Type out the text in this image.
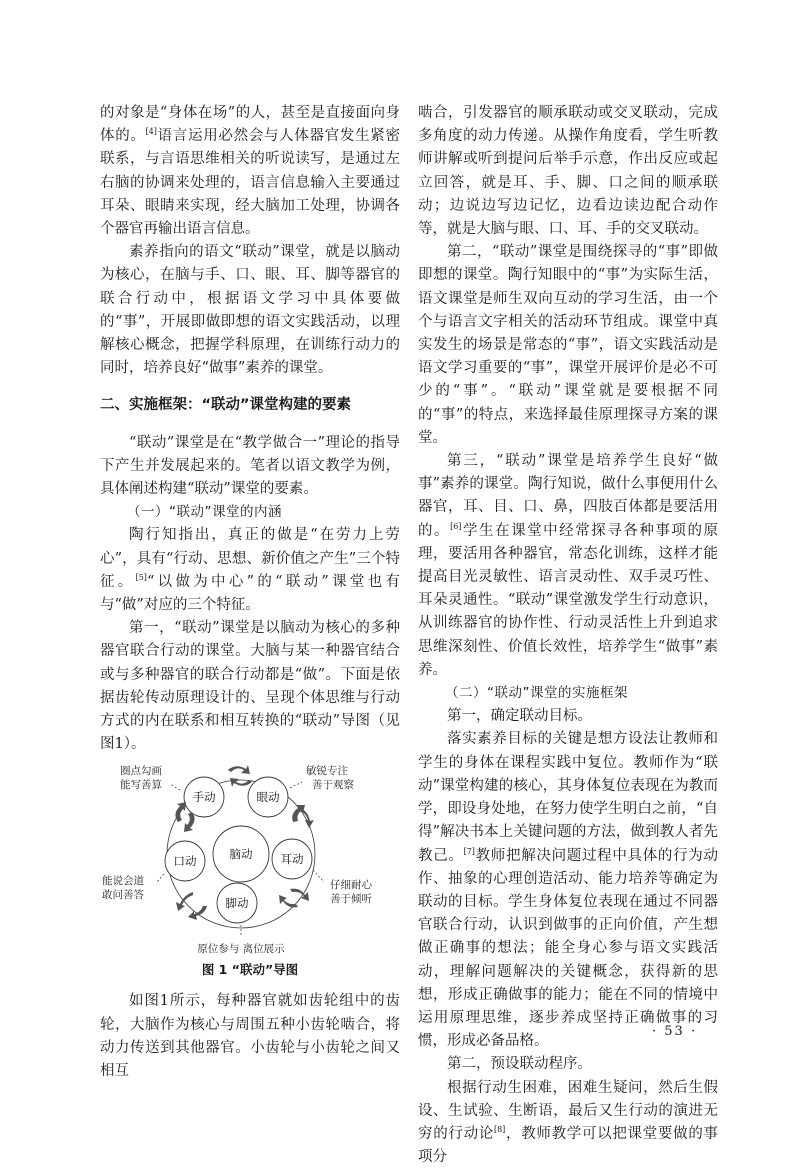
的对象是“身体在场”的人，甚至是直接面向身体的。[4]语言运用必然会与人体器官发生紧密联系，与言语思维相关的听说读写，是通过左右脑的协调来处理的，语言信息输入主要通过耳朵、眼睛来实现，经大脑加工处理，协调各个器官再输出语言信息。

素养指向的语文“联动”课堂，就是以脑动为核心，在脑与手、口、眼、耳、脚等器官的联合行动中，根据语文学习中具体要做的“事”，开展即做即想的语文实践活动，以理解核心概念，把握学科原理，在训练行动力的同时，培养良好“做事”素养的课堂。

二、实施框架：“联动”课堂构建的要素

“联动”课堂是在“教学做合一”理论的指导下产生并发展起来的。笔者以语文教学为例，具体阐述构建“联动”课堂的要素。

（一）“联动”课堂的内涵

陶行知指出，真正的做是“在劳力上劳心”，具有“行动、思想、新价值之产生”三个特征。[5]“以做为中心”的“联动”课堂也有与“做”对应的三个特征。

第一，“联动”课堂是以脑动为核心的多种器官联合行动的课堂。大脑与某一种器官结合或与多种器官的联合行动都是“做”。下面是依据齿轮传动原理设计的、呈现个体思维与行动方式的内在联系和相互转换的“联动”导图（见图1）。

脑动
手动	眼动
耳动
脚动
口动
圈点勾画
能写善算
敏锐专注
善于观察
仔细耐心
善于倾听
能说会道
敢问善答
原位参与 离位展示
图 1 “联动”导图

如图1所示，每种器官就如齿轮组中的齿轮，大脑作为核心与周围五种小齿轮啮合，将动力传送到其他器官。小齿轮与小齿轮之间又相互

啮合，引发器官的顺承联动或交叉联动，完成多角度的动力传递。从操作角度看，学生听教师讲解或听到提问后举手示意，作出反应或起立回答，就是耳、手、脚、口之间的顺承联动；边说边写边记忆，边看边读边配合动作等，就是大脑与眼、口、耳、手的交叉联动。

第二，“联动”课堂是围绕探寻的“事”即做即想的课堂。陶行知眼中的“事”为实际生活，语文课堂是师生双向互动的学习生活，由一个个与语言文字相关的活动环节组成。课堂中真实发生的场景是常态的“事”，语文实践活动是语文学习重要的“事”，课堂开展评价是必不可少的“事”。“联动”课堂就是要根据不同的“事”的特点，来选择最佳原理探寻方案的课堂。

第三，“联动”课堂是培养学生良好“做事”素养的课堂。陶行知说，做什么事便用什么器官，耳、目、口、鼻，四肢百体都是要活用的。[6]学生在课堂中经常探寻各种事项的原理，要活用各种器官，常态化训练，这样才能提高目光灵敏性、语言灵动性、双手灵巧性、耳朵灵通性。“联动”课堂激发学生行动意识，从训练器官的协作性、行动灵活性上升到追求思维深刻性、价值长效性，培养学生“做事”素养。

（二）“联动”课堂的实施框架

第一，确定联动目标。

落实素养目标的关键是想方设法让教师和学生的身体在课程实践中复位。教师作为“联动”课堂构建的核心，其身体复位表现在为教而学，即设身处地，在努力使学生明白之前，“自得”解决书本上关键问题的方法，做到教人者先教己。[7]教师把解决问题过程中具体的行为动作、抽象的心理创造活动、能力培养等确定为联动的目标。学生身体复位表现在通过不同器官联合行动，认识到做事的正向价值，产生想做正确事的想法；能全身心参与语文实践活动，理解问题解决的关键概念，获得新的思想，形成正确做事的能力；能在不同的情境中运用原理思维，逐步养成坚持正确做事的习惯，形成必备品格。

第二，预设联动程序。

根据行动生困难，困难生疑问，然后生假设、生试验、生断语，最后又生行动的演进无穷的行动论[8]，教师教学可以把课堂要做的事项分

· 53 ·
